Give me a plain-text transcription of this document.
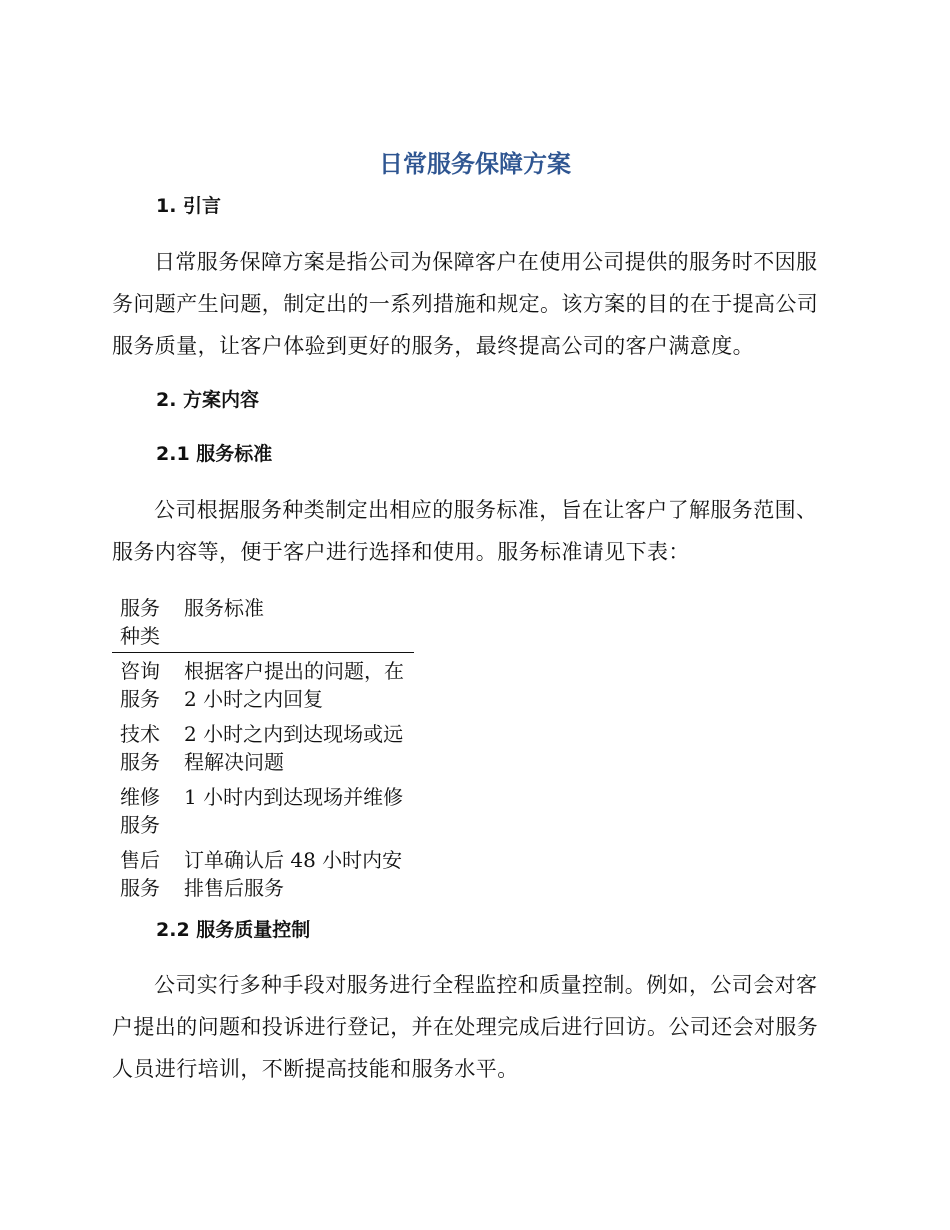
日常服务保障方案
1. 引言

日常服务保障方案是指公司为保障客户在使用公司提供的服务时不因服
务问题产生问题，制定出的一系列措施和规定。该方案的目的在于提高公司
服务质量，让客户体验到更好的服务，最终提高公司的客户满意度。

2. 方案内容
2.1 服务标准

公司根据服务种类制定出相应的服务标准，旨在让客户了解服务范围、
服务内容等，便于客户进行选择和使用。服务标准请见下表：

服务种类	服务标准

咨询服务	根据客户提出的问题，在 2 小时之内回复

技术服务	2 小时之内到达现场或远程解决问题

维修服务	1 小时内到达现场并维修

售后服务	订单确认后 48 小时内安排售后服务
2.2 服务质量控制

公司实行多种手段对服务进行全程监控和质量控制。例如，公司会对客
户提出的问题和投诉进行登记，并在处理完成后进行回访。公司还会对服务
人员进行培训，不断提高技能和服务水平。
